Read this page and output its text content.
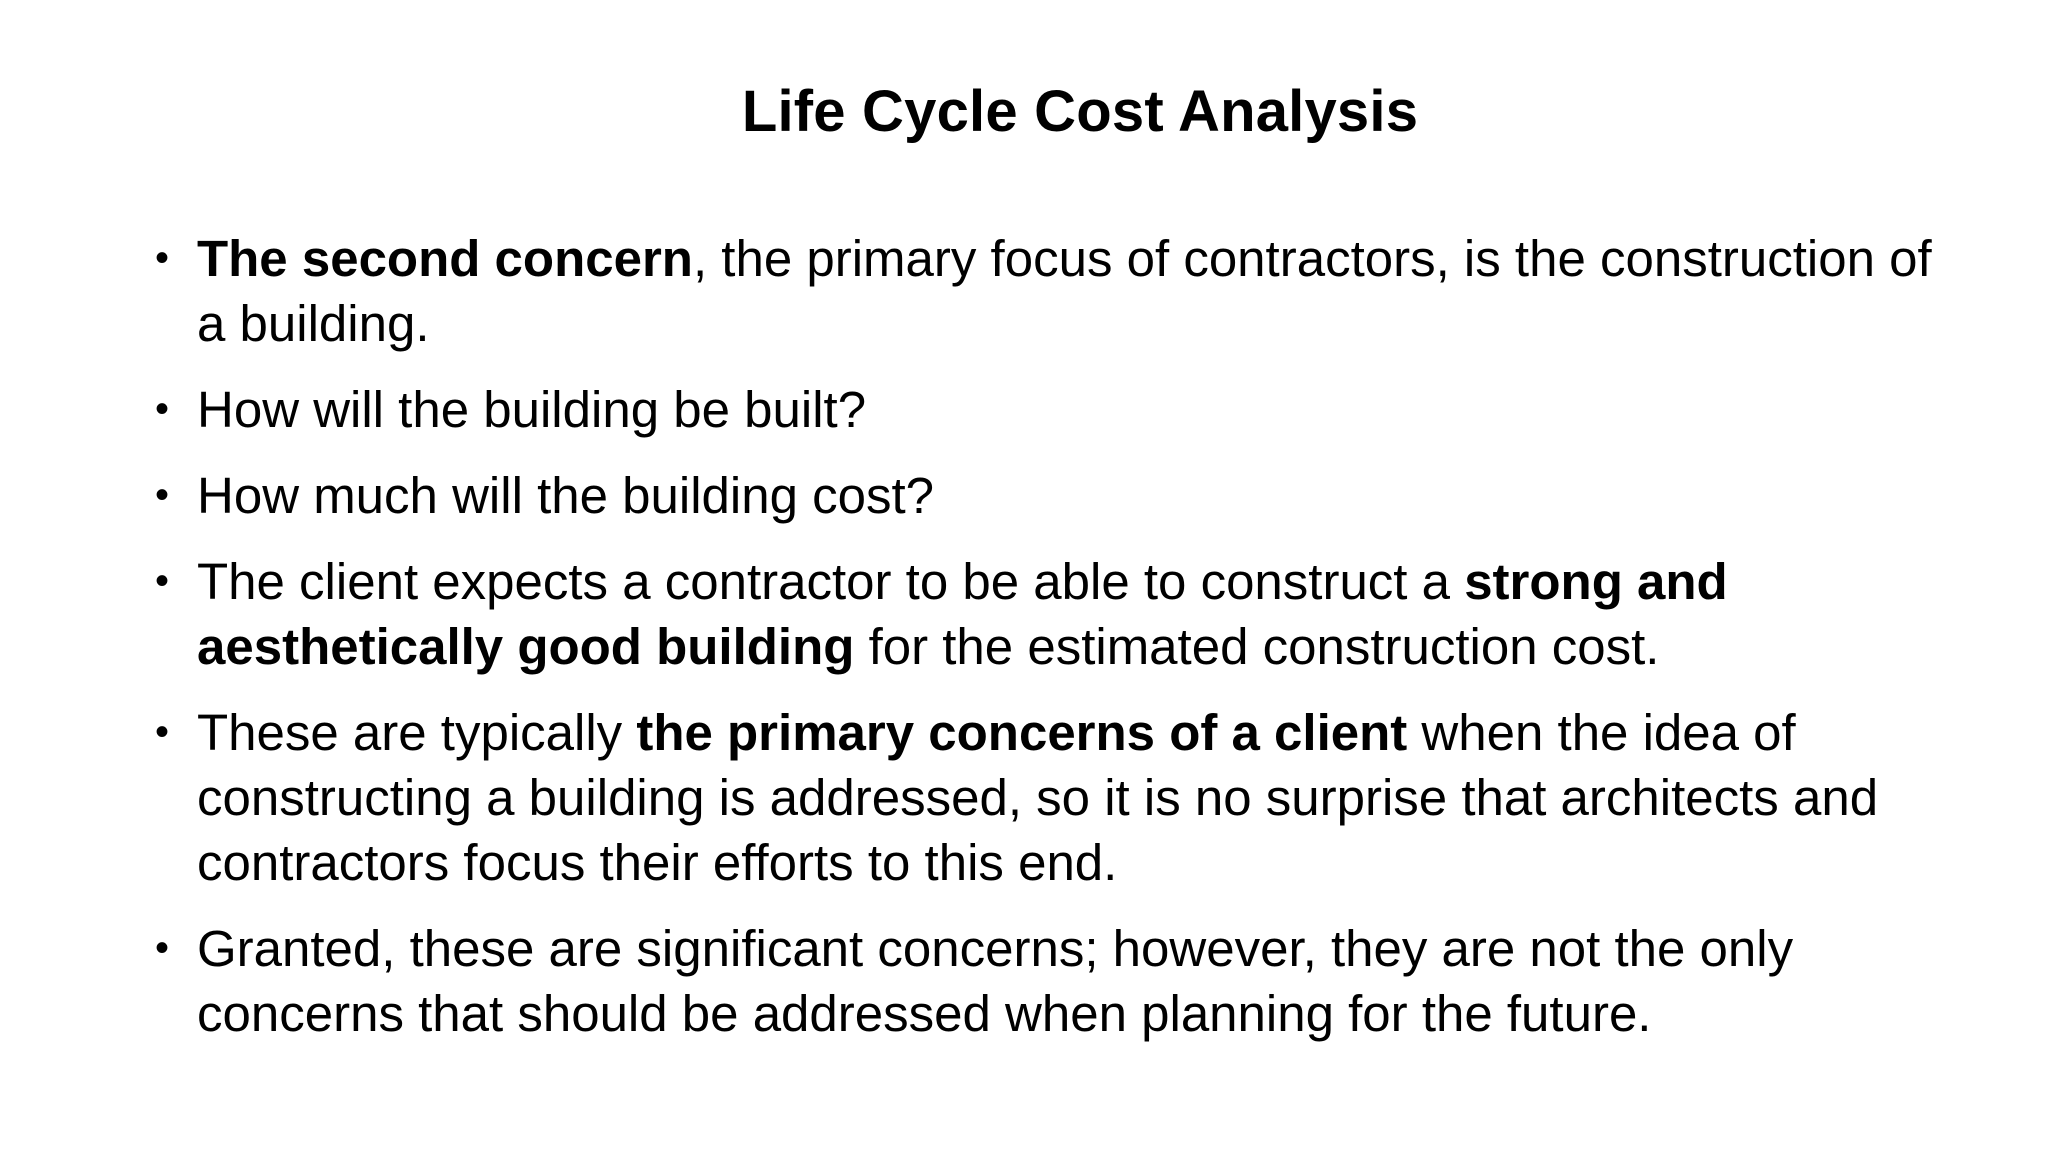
Life Cycle Cost Analysis
• The second concern, the primary focus of contractors, is the construction of a building.
• How will the building be built?
• How much will the building cost?
• The client expects a contractor to be able to construct a strong and aesthetically good building for the estimated construction cost.
• These are typically the primary concerns of a client when the idea of constructing a building is addressed, so it is no surprise that architects and contractors focus their efforts to this end.
• Granted, these are significant concerns; however, they are not the only concerns that should be addressed when planning for the future.
